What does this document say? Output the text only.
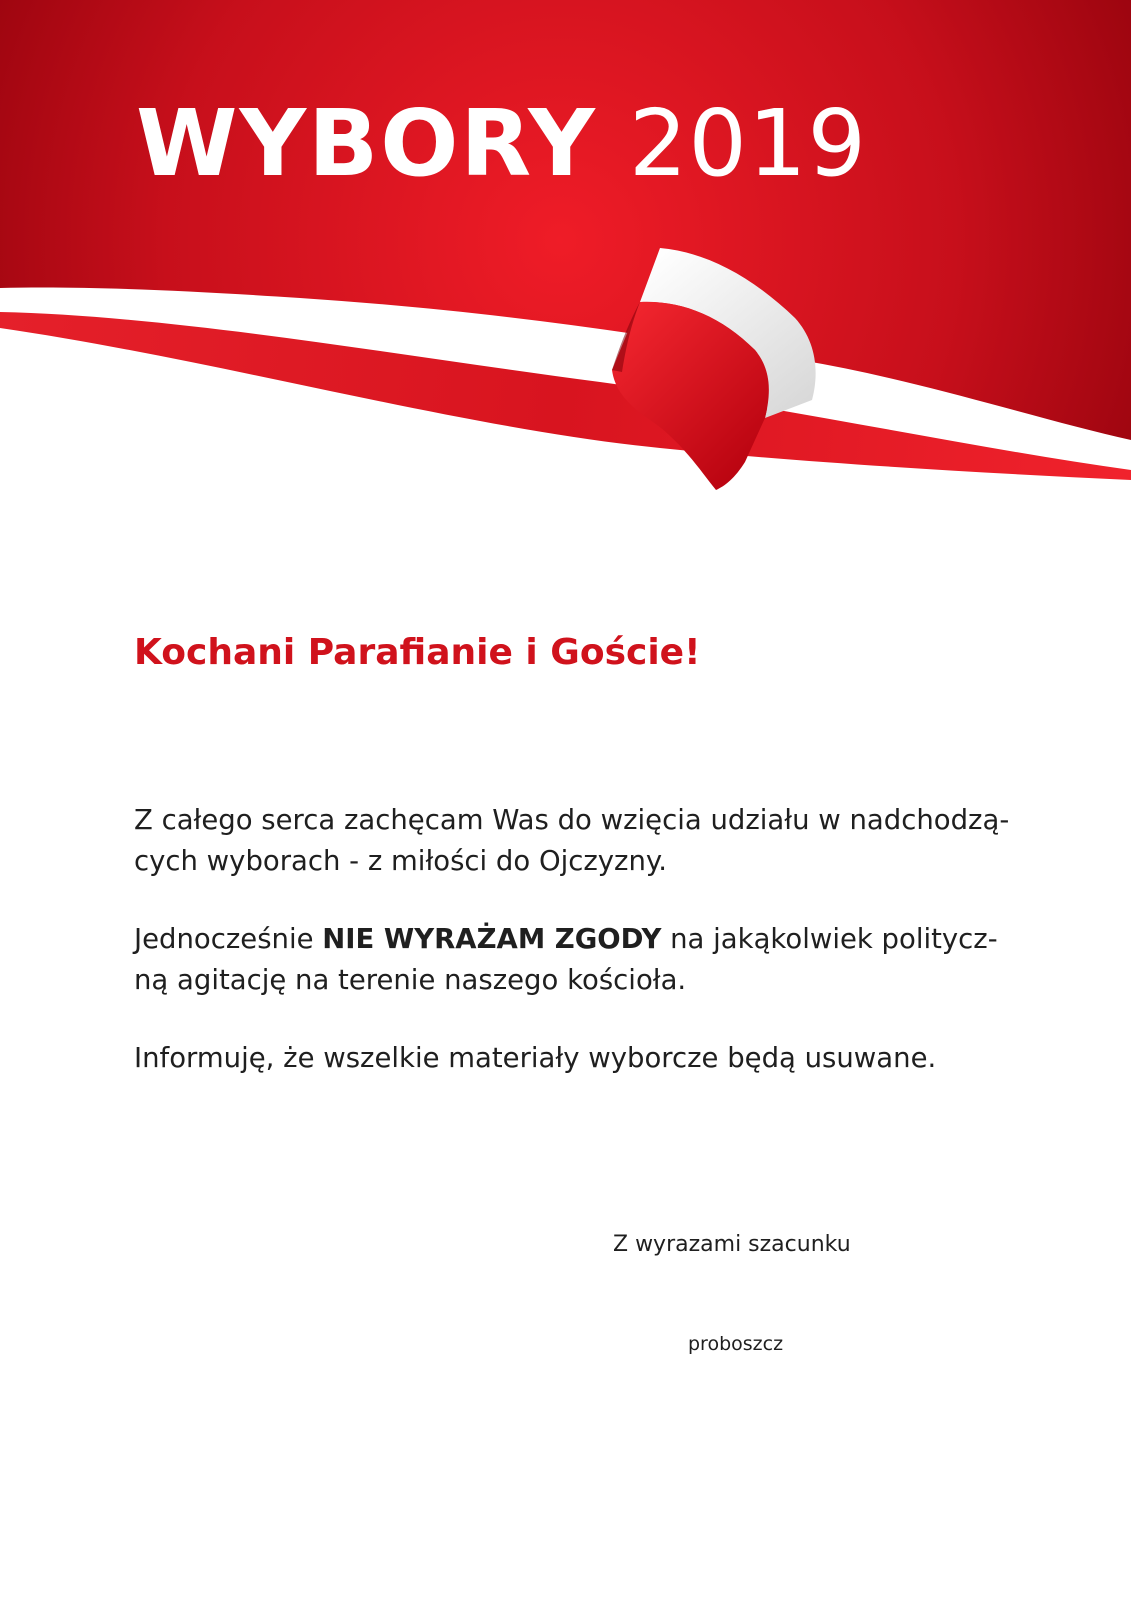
WYBORY 2019
Kochani Parafianie i Goście!

Z całego serca zachęcam Was do wzięcia udziału w nadchodzą-
cych wyborach - z miłości do Ojczyzny.

Jednocześnie NIE WYRAŻAM ZGODY na jakąkolwiek politycz-
ną agitację na terenie naszego kościoła.

Informuję, że wszelkie materiały wyborcze będą usuwane.

Z wyrazami szacunku

proboszcz
